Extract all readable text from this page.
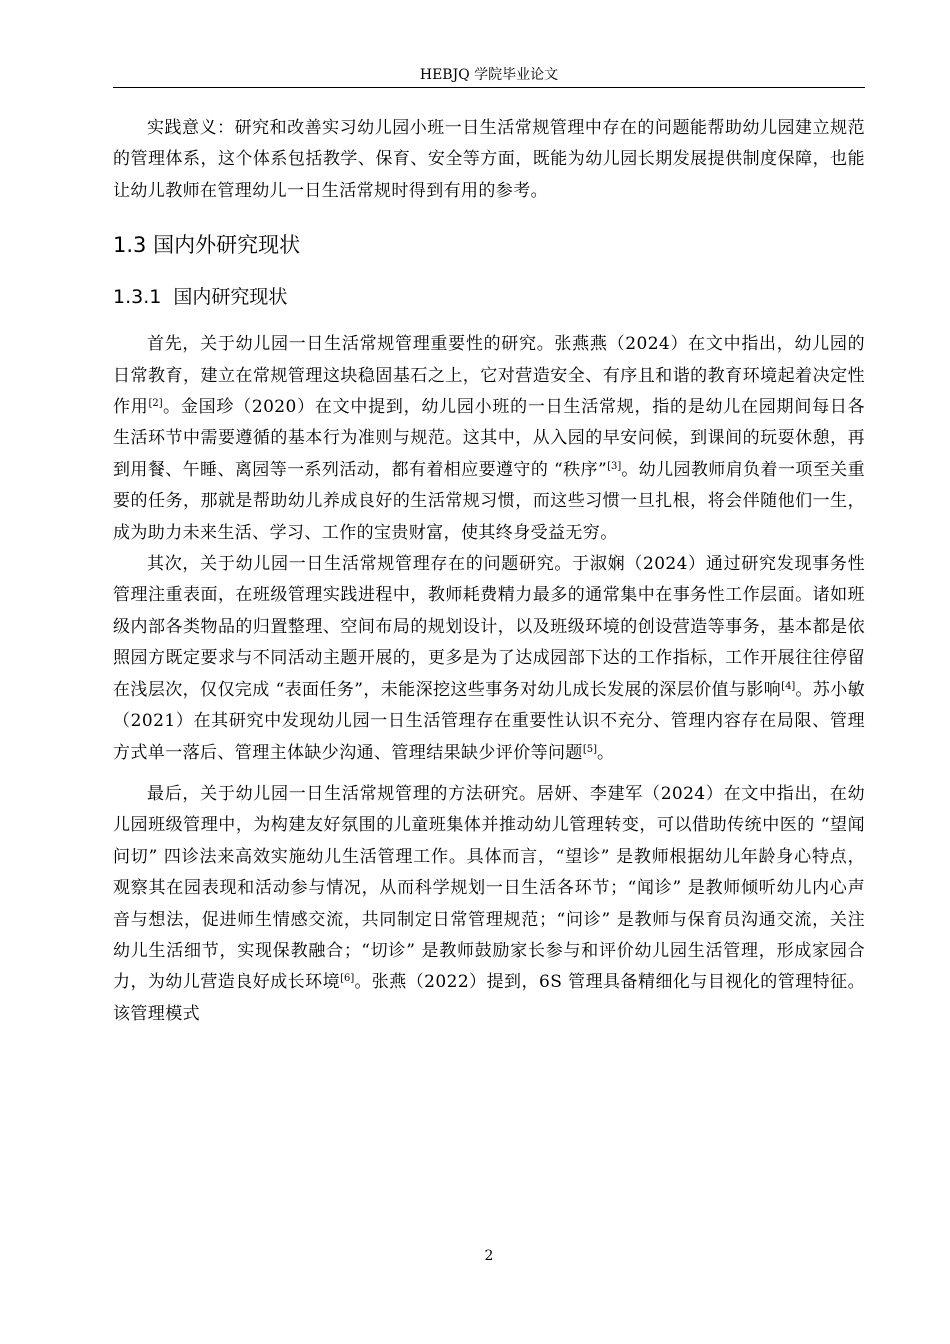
HEBJQ 学院毕业论文

实践意义：研究和改善实习幼儿园小班一日生活常规管理中存在的问题能帮助幼儿园建立规范的管理体系，这个体系包括教学、保育、安全等方面，既能为幼儿园长期发展提供制度保障，也能让幼儿教师在管理幼儿一日生活常规时得到有用的参考。

1.3 国内外研究现状
1.3.1 国内研究现状

首先，关于幼儿园一日生活常规管理重要性的研究。张燕燕（2024）在文中指出，幼儿园的日常教育，建立在常规管理这块稳固基石之上，它对营造安全、有序且和谐的教育环境起着决定性作用[2]。金国珍（2020）在文中提到，幼儿园小班的一日生活常规，指的是幼儿在园期间每日各生活环节中需要遵循的基本行为准则与规范。这其中，从入园的早安问候，到课间的玩耍休憩，再到用餐、午睡、离园等一系列活动，都有着相应要遵守的 “秩序”[3]。幼儿园教师肩负着一项至关重要的任务，那就是帮助幼儿养成良好的生活常规习惯，而这些习惯一旦扎根，将会伴随他们一生，成为助力未来生活、学习、工作的宝贵财富，使其终身受益无穷。

其次，关于幼儿园一日生活常规管理存在的问题研究。于淑娴（2024）通过研究发现事务性管理注重表面，在班级管理实践进程中，教师耗费精力最多的通常集中在事务性工作层面。诸如班级内部各类物品的归置整理、空间布局的规划设计，以及班级环境的创设营造等事务，基本都是依照园方既定要求与不同活动主题开展的，更多是为了达成园部下达的工作指标，工作开展往往停留在浅层次，仅仅完成 “表面任务”，未能深挖这些事务对幼儿成长发展的深层价值与影响[4]。苏小敏（2021）在其研究中发现幼儿园一日生活管理存在重要性认识不充分、管理内容存在局限、管理方式单一落后、管理主体缺少沟通、管理结果缺少评价等问题[5]。

最后，关于幼儿园一日生活常规管理的方法研究。居妍、李建军（2024）在文中指出，在幼儿园班级管理中，为构建友好氛围的儿童班集体并推动幼儿管理转变，可以借助传统中医的 “望闻问切” 四诊法来高效实施幼儿生活管理工作。具体而言，“望诊” 是教师根据幼儿年龄身心特点，观察其在园表现和活动参与情况，从而科学规划一日生活各环节；“闻诊” 是教师倾听幼儿内心声音与想法，促进师生情感交流，共同制定日常管理规范；“问诊” 是教师与保育员沟通交流，关注幼儿生活细节，实现保教融合；“切诊” 是教师鼓励家长参与和评价幼儿园生活管理，形成家园合力，为幼儿营造良好成长环境[6]。张燕（2022）提到，6S 管理具备精细化与目视化的管理特征。该管理模式

2
